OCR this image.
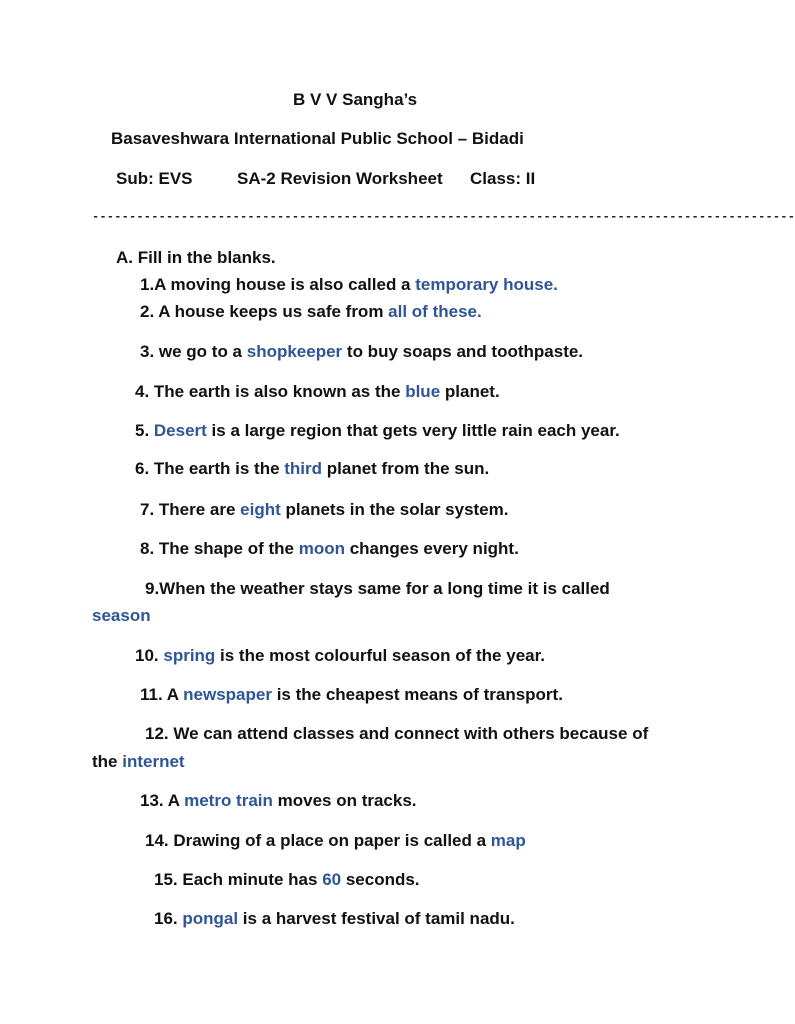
B V V Sangha’s
Basaveshwara International Public School – Bidadi
Sub: EVS	SA-2 Revision Worksheet Class: II
-----------------------------------------------------------------------------------------------
A. Fill in the blanks.
1.A moving house is also called a temporary house.
2. A house keeps us safe from all of these.
3. we go to a shopkeeper to buy soaps and toothpaste.
4. The earth is also known as the blue planet.
5. Desert is a large region that gets very little rain each year.
6. The earth is the third planet from the sun.
7. There are eight planets in the solar system.
8. The shape of the moon changes every night.
9.When the weather stays same for a long time it is called
season
10. spring is the most colourful season of the year.
11. A newspaper is the cheapest means of transport.
12. We can attend classes and connect with others because of
the internet
13. A metro train moves on tracks.
14. Drawing of a place on paper is called a map
15. Each minute has 60 seconds.
16. pongal is a harvest festival of tamil nadu.
